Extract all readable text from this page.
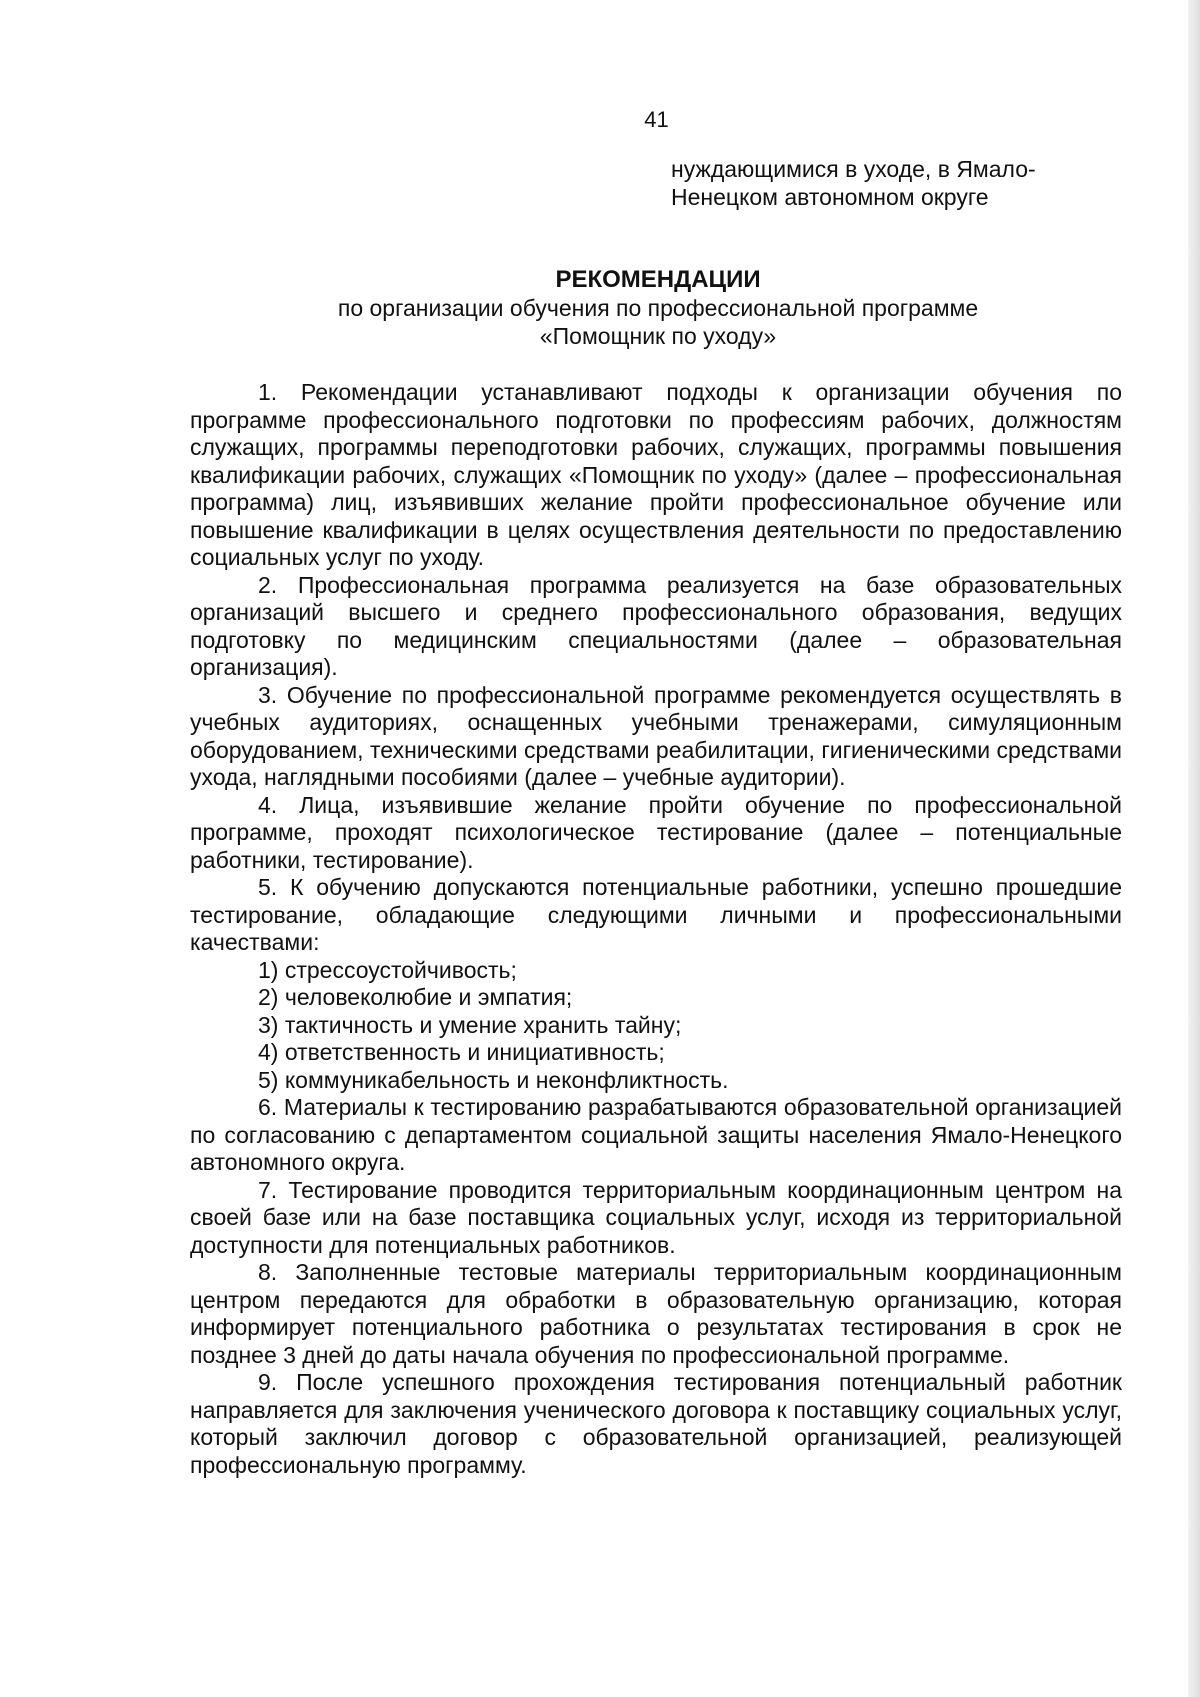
41
нуждающимися в уходе, в Ямало-
Ненецком автономном округе
РЕКОМЕНДАЦИИ
по организации обучения по профессиональной программе
«Помощник по уходу»

1. Рекомендации устанавливают подходы к организации обучения по программе профессионального подготовки по профессиям рабочих, должностям служащих, программы переподготовки рабочих, служащих, программы повышения квалификации рабочих, служащих «Помощник по уходу» (далее – профессиональная программа) лиц, изъявивших желание пройти профессиональное обучение или повышение квалификации в целях осуществления деятельности по предоставлению социальных услуг по уходу.

2. Профессиональная программа реализуется на базе образовательных организаций высшего и среднего профессионального образования, ведущих подготовку по медицинским специальностями (далее – образовательная организация).

3. Обучение по профессиональной программе рекомендуется осуществлять в учебных аудиториях, оснащенных учебными тренажерами, симуляционным оборудованием, техническими средствами реабилитации, гигиеническими средствами ухода, наглядными пособиями (далее – учебные аудитории).

4. Лица, изъявившие желание пройти обучение по профессиональной программе, проходят психологическое тестирование (далее – потенциальные работники, тестирование).

5. К обучению допускаются потенциальные работники, успешно прошедшие тестирование, обладающие следующими личными и профессиональными качествами:

1) стрессоустойчивость;
2) человеколюбие и эмпатия;
3) тактичность и умение хранить тайну;
4) ответственность и инициативность;
5) коммуникабельность и неконфликтность.

6. Материалы к тестированию разрабатываются образовательной организацией по согласованию с департаментом социальной защиты населения Ямало-Ненецкого автономного округа.

7. Тестирование проводится территориальным координационным центром на своей базе или на базе поставщика социальных услуг, исходя из территориальной доступности для потенциальных работников.

8. Заполненные тестовые материалы территориальным координационным центром передаются для обработки в образовательную организацию, которая информирует потенциального работника о результатах тестирования в срок не позднее 3 дней до даты начала обучения по профессиональной программе.

9. После успешного прохождения тестирования потенциальный работник направляется для заключения ученического договора к поставщику социальных услуг, который заключил договор с образовательной организацией, реализующей профессиональную программу.
